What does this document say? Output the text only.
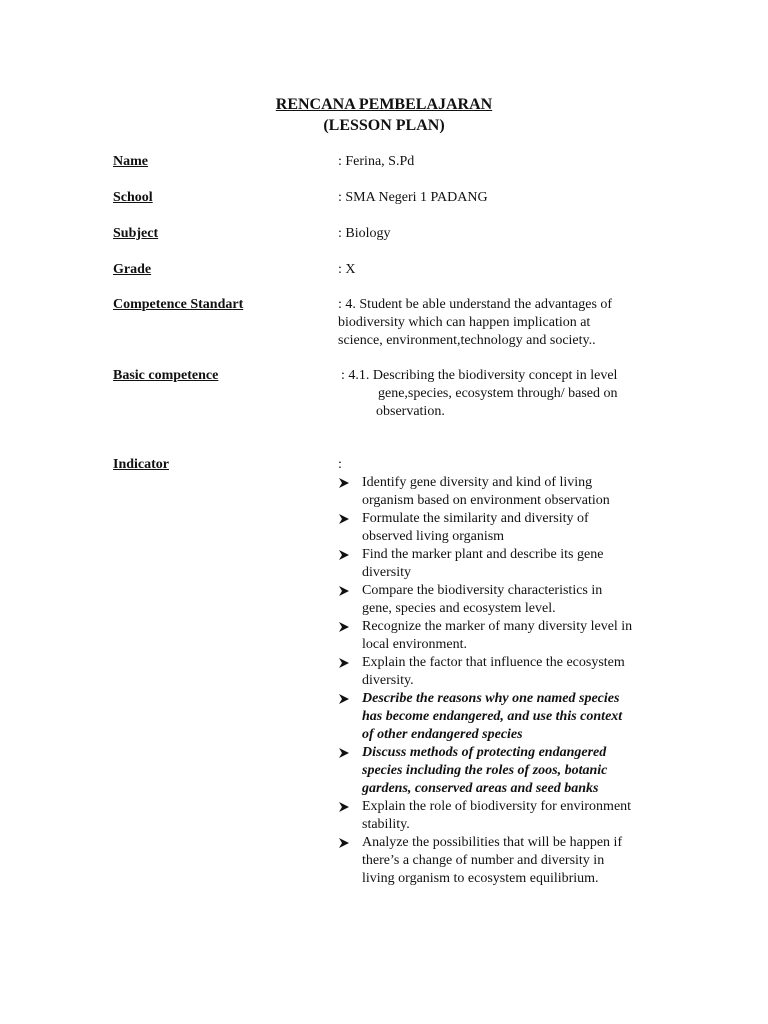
RENCANA PEMBELAJARAN
(LESSON PLAN)
Name	: Ferina, S.Pd
School	: SMA Negeri 1 PADANG
Subject	: Biology
Grade	: X
Competence Standart	: 4. Student be able understand the advantages of
biodiversity which can happen implication at
science, environment,technology and society..
Basic competence	: 4.1. Describing the biodiversity concept in level
gene,species, ecosystem through/ based on
observation.
Indicator	:
Identify gene diversity and kind of living
organism based on environment observation
Formulate the similarity and diversity of
observed living organism
Find the marker plant and describe its gene
diversity
Compare the biodiversity characteristics in
gene, species and ecosystem level.
Recognize the marker of many diversity level in
local environment.
Explain the factor that influence the ecosystem
diversity.
Describe the reasons why one named species
has become endangered, and use this context
of other endangered species
Discuss methods of protecting endangered
species including the roles of zoos, botanic
gardens, conserved areas and seed banks
Explain the role of biodiversity for environment
stability.
Analyze the possibilities that will be happen if
there’s a change of number and diversity in
living organism to ecosystem equilibrium.
